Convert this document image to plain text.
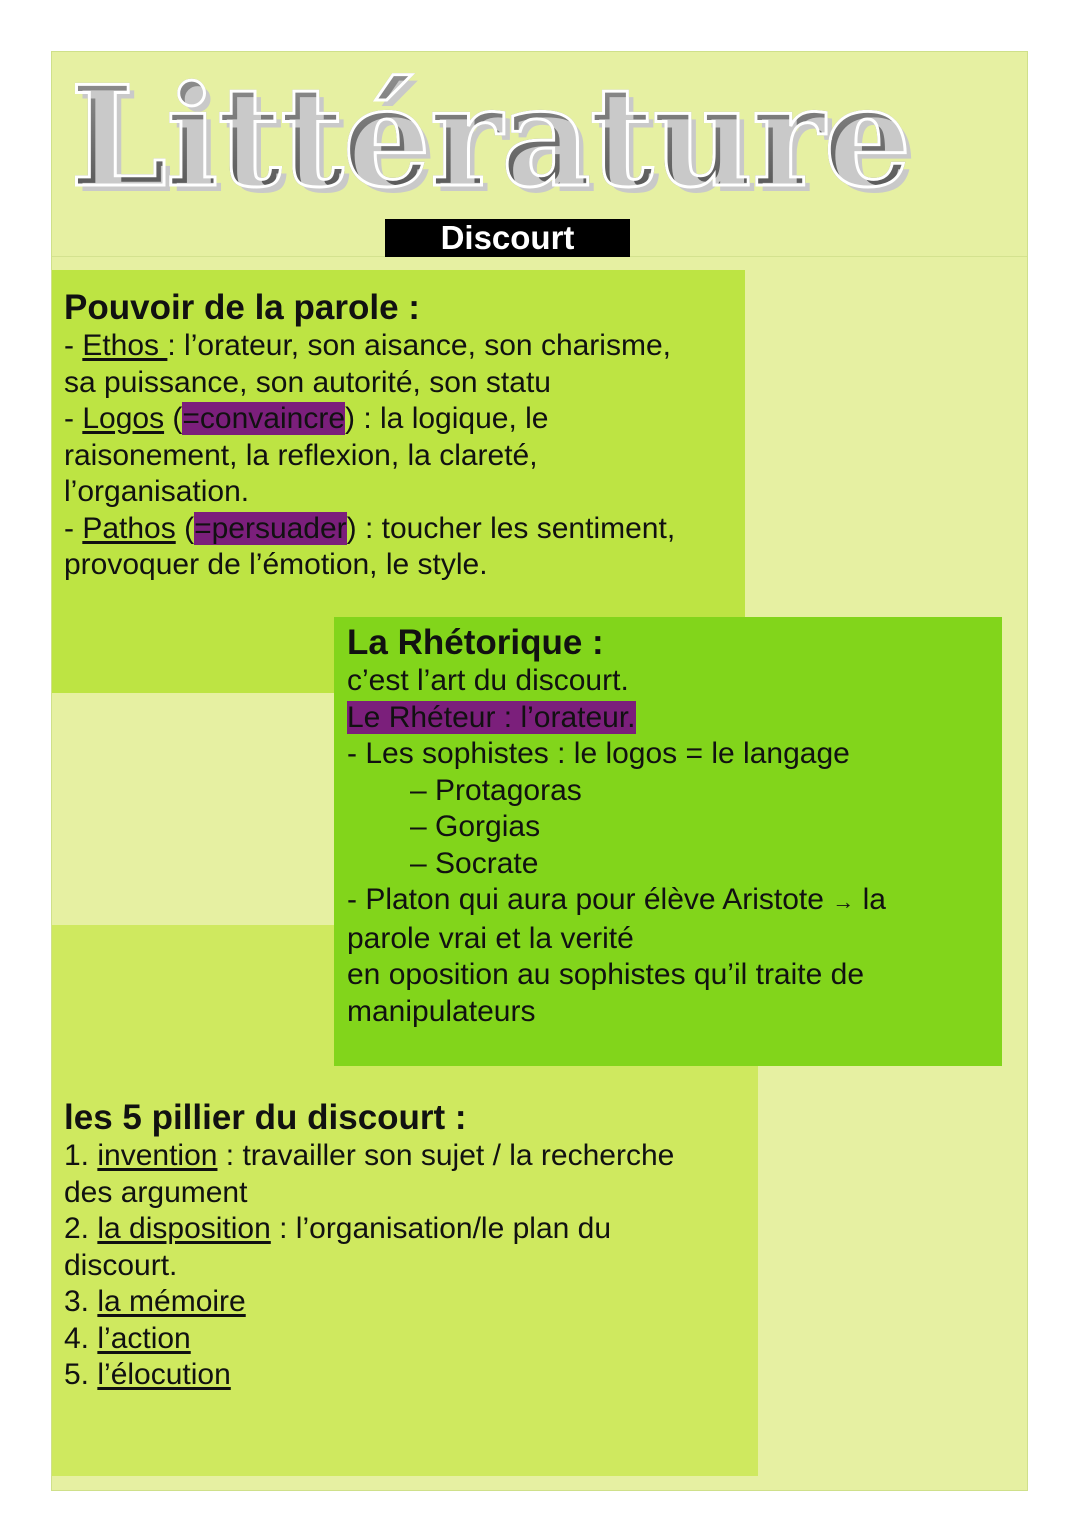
Littérature
Discourt
Pouvoir de la parole :
- Ethos : l’orateur, son aisance, son charisme,
sa puissance, son autorité, son statu
- Logos (=convaincre) : la logique, le
raisonement, la reflexion, la clareté,
l’organisation.
- Pathos (=persuader) : toucher les sentiment,
provoquer de l’émotion, le style.
les 5 pillier du discourt :
1. invention : travailler son sujet / la recherche
des argument
2. la disposition : l’organisation/le plan du
discourt.
3. la mémoire
4. l’action
5. l’élocution
La Rhétorique :
c’est l’art du discourt.
Le Rhéteur : l’orateur.
- Les sophistes : le logos = le langage
– Protagoras
– Gorgias
– Socrate
- Platon qui aura pour élève Aristote → la
parole vrai et la verité
en oposition au sophistes qu’il traite de
manipulateurs
